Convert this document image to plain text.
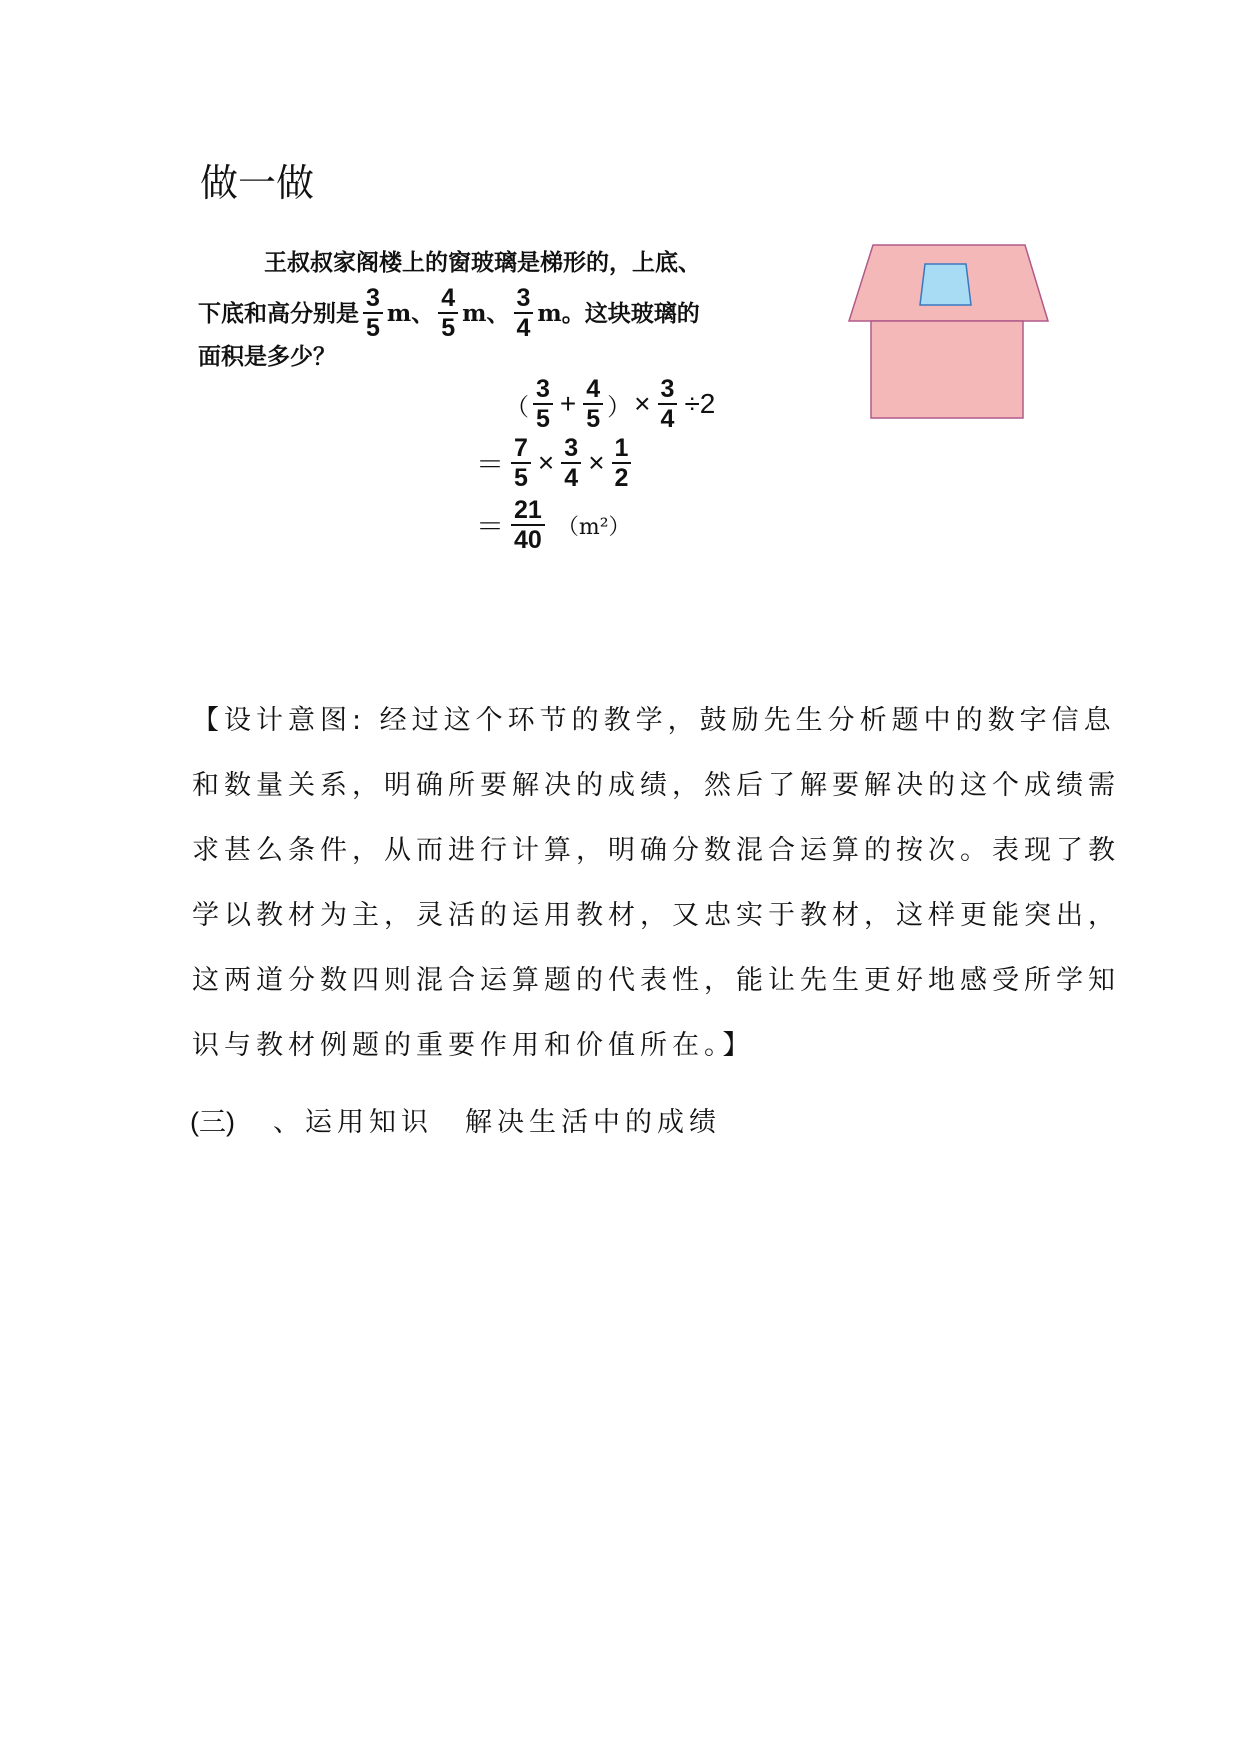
做一做
王叔叔家阁楼上的窗玻璃是梯形的，上底、
下底和高分别是 $\frac{3}{5}$ m、 $\frac{4}{5}$ m、 $\frac{3}{4}$ m。这块玻璃的
面积是多少？
（ $\frac{3}{5} + \frac{4}{5}$ ） × $\frac{3}{4} \div 2$
＝ $\frac{7}{5} \times \frac{3}{4} \times \frac{1}{2}$
＝ $\frac{21}{40} (m^2)$
【设计意图: 经过这个环节的教学，鼓励先生分析题中的数字信息
和数量关系，明确所要解决的成绩，然后了解要解决的这个成绩需
求甚么条件，从而进行计算，明确分数混合运算的按次。表现了教
学以教材为主，灵活的运用教材，又忠实于教材，这样更能突出，
这两道分数四则混合运算题的代表性，能让先生更好地感受所学知
识与教材例题的重要作用和价值所在。】
(三) 、运用知识　解决生活中的成绩
